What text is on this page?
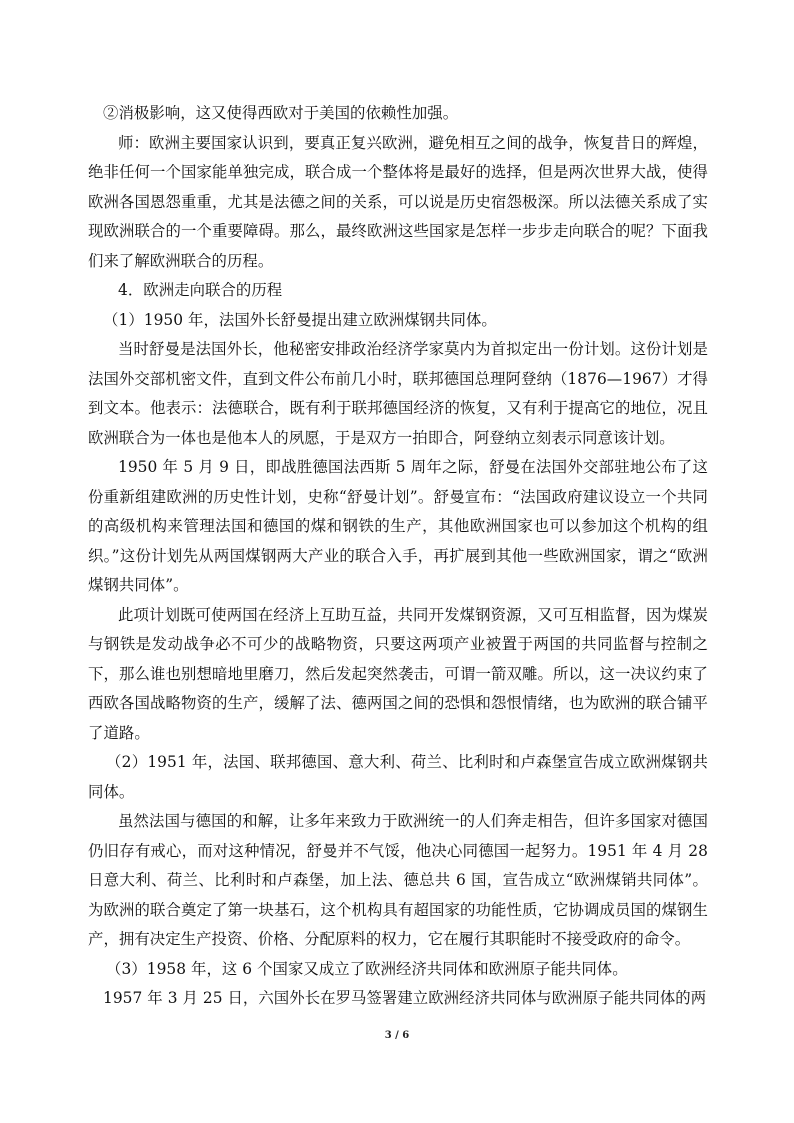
②消极影响，这又使得西欧对于美国的依赖性加强。

师：欧洲主要国家认识到，要真正复兴欧洲，避免相互之间的战争，恢复昔日的辉煌，绝非任何一个国家能单独完成，联合成一个整体将是最好的选择，但是两次世界大战，使得欧洲各国恩怨重重，尤其是法德之间的关系，可以说是历史宿怨极深。所以法德关系成了实现欧洲联合的一个重要障碍。那么，最终欧洲这些国家是怎样一步步走向联合的呢？下面我们来了解欧洲联合的历程。

4．欧洲走向联合的历程

（1）1950 年，法国外长舒曼提出建立欧洲煤钢共同体。

当时舒曼是法国外长，他秘密安排政治经济学家莫内为首拟定出一份计划。这份计划是法国外交部机密文件，直到文件公布前几小时，联邦德国总理阿登纳（1876—1967）才得到文本。他表示：法德联合，既有利于联邦德国经济的恢复，又有利于提高它的地位，况且欧洲联合为一体也是他本人的夙愿，于是双方一拍即合，阿登纳立刻表示同意该计划。

1950 年 5 月 9 日，即战胜德国法西斯 5 周年之际，舒曼在法国外交部驻地公布了这份重新组建欧洲的历史性计划，史称“舒曼计划”。舒曼宣布：“法国政府建议设立一个共同的高级机构来管理法国和德国的煤和钢铁的生产，其他欧洲国家也可以参加这个机构的组织。”这份计划先从两国煤钢两大产业的联合入手，再扩展到其他一些欧洲国家，谓之“欧洲煤钢共同体”。

此项计划既可使两国在经济上互助互益，共同开发煤钢资源，又可互相监督，因为煤炭与钢铁是发动战争必不可少的战略物资，只要这两项产业被置于两国的共同监督与控制之下，那么谁也别想暗地里磨刀，然后发起突然袭击，可谓一箭双雕。所以，这一决议约束了西欧各国战略物资的生产，缓解了法、德两国之间的恐惧和怨恨情绪，也为欧洲的联合铺平了道路。

（2）1951 年，法国、联邦德国、意大利、荷兰、比利时和卢森堡宣告成立欧洲煤钢共同体。

虽然法国与德国的和解，让多年来致力于欧洲统一的人们奔走相告，但许多国家对德国仍旧存有戒心，而对这种情况，舒曼并不气馁，他决心同德国一起努力。1951 年 4 月 28 日意大利、荷兰、比利时和卢森堡，加上法、德总共 6 国，宣告成立“欧洲煤销共同体”。为欧洲的联合奠定了第一块基石，这个机构具有超国家的功能性质，它协调成员国的煤钢生产，拥有决定生产投资、价格、分配原料的权力，它在履行其职能时不接受政府的命令。

（3）1958 年，这 6 个国家又成立了欧洲经济共同体和欧洲原子能共同体。

1957 年 3 月 25 日，六国外长在罗马签署建立欧洲经济共同体与欧洲原子能共同体的两

3 / 6
